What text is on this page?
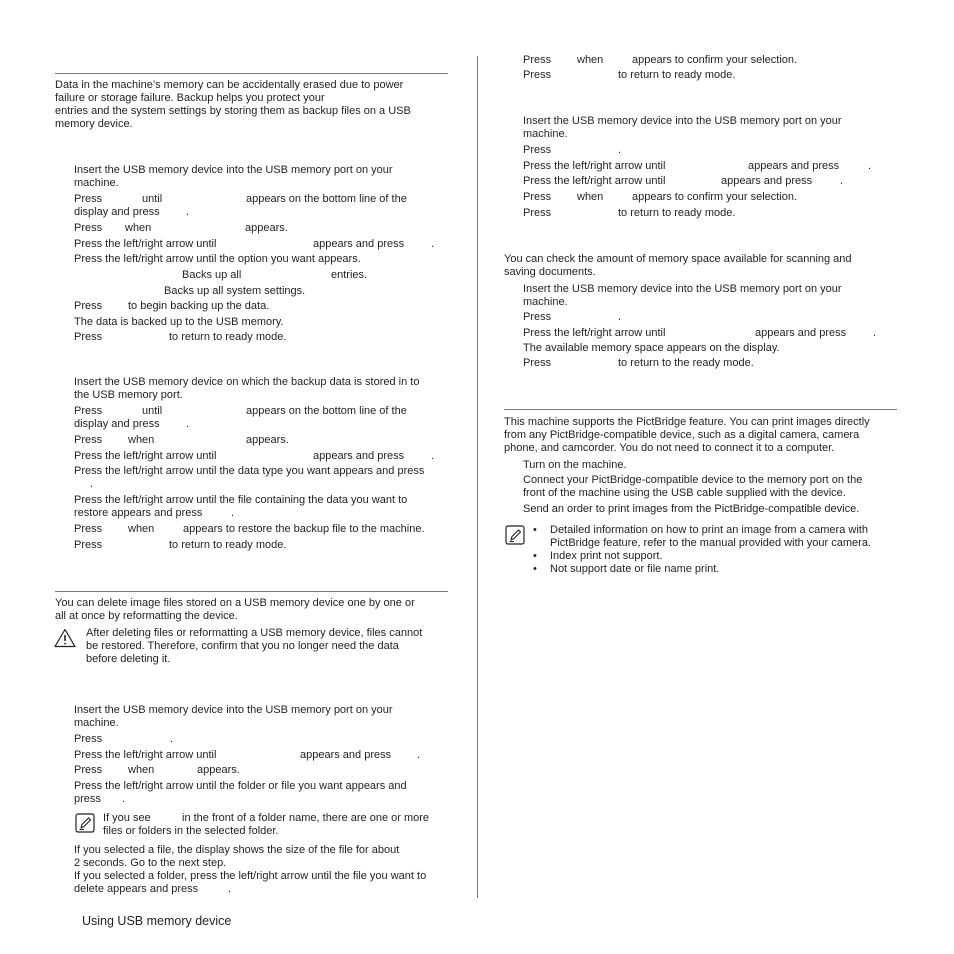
Data in the machine’s memory can be accidentally erased due to power
failure or storage failure. Backup helps you protect your
entries and the system settings by storing them as backup files on a USB
memory device.
Insert the USB memory device into the USB memory port on your
machine.
Press	until	appears on the bottom line of the
display and press .
Press when	appears.
Press the left/right arrow until	appears and press .
Press the left/right arrow until the option you want appears.
Backs up all	entries.
Backs up all system settings.
Press to begin backing up the data.
The data is backed up to the USB memory.
Press	to return to ready mode.
Insert the USB memory device on which the backup data is stored in to
the USB memory port.
Press	until	appears on the bottom line of the
display and press .
Press when	appears.
Press the left/right arrow until	appears and press .
Press the left/right arrow until the data type you want appears and press
.
Press the left/right arrow until the file containing the data you want to
restore appears and press	.
Press when	appears to restore the backup file to the machine.
Press	to return to ready mode.
You can delete image files stored on a USB memory device one by one or
all at once by reformatting the device.
After deleting files or reformatting a USB memory device, files cannot
be restored. Therefore, confirm that you no longer need the data
before deleting it.
Insert the USB memory device into the USB memory port on your
machine.
Press	.
Press the left/right arrow until	appears and press .
Press when	appears.
Press the left/right arrow until the folder or file you want appears and
press .
If you see	in the front of a folder name, there are one or more
files or folders in the selected folder.
If you selected a file, the display shows the size of the file for about
2 seconds. Go to the next step.
If you selected a folder, press the left/right arrow until the file you want to
delete appears and press	.
Using USB memory device
Press when	appears to confirm your selection.
Press	to return to ready mode.
Insert the USB memory device into the USB memory port on your
machine.
Press	.
Press the left/right arrow until	appears and press	.
Press the left/right arrow until	appears and press	.
Press when	appears to confirm your selection.
Press	to return to ready mode.
You can check the amount of memory space available for scanning and
saving documents.
Insert the USB memory device into the USB memory port on your
machine.
Press	.
Press the left/right arrow until	appears and press .
The available memory space appears on the display.
Press	to return to the ready mode.
This machine supports the PictBridge feature. You can print images directly
from any PictBridge-compatible device, such as a digital camera, camera
phone, and camcorder. You do not need to connect it to a computer.
Turn on the machine.
Connect your PictBridge-compatible device to the memory port on the
front of the machine using the USB cable supplied with the device.
Send an order to print images from the PictBridge-compatible device.
• Detailed information on how to print an image from a camera with
PictBridge feature, refer to the manual provided with your camera.
• Index print not support.
• Not support date or file name print.
